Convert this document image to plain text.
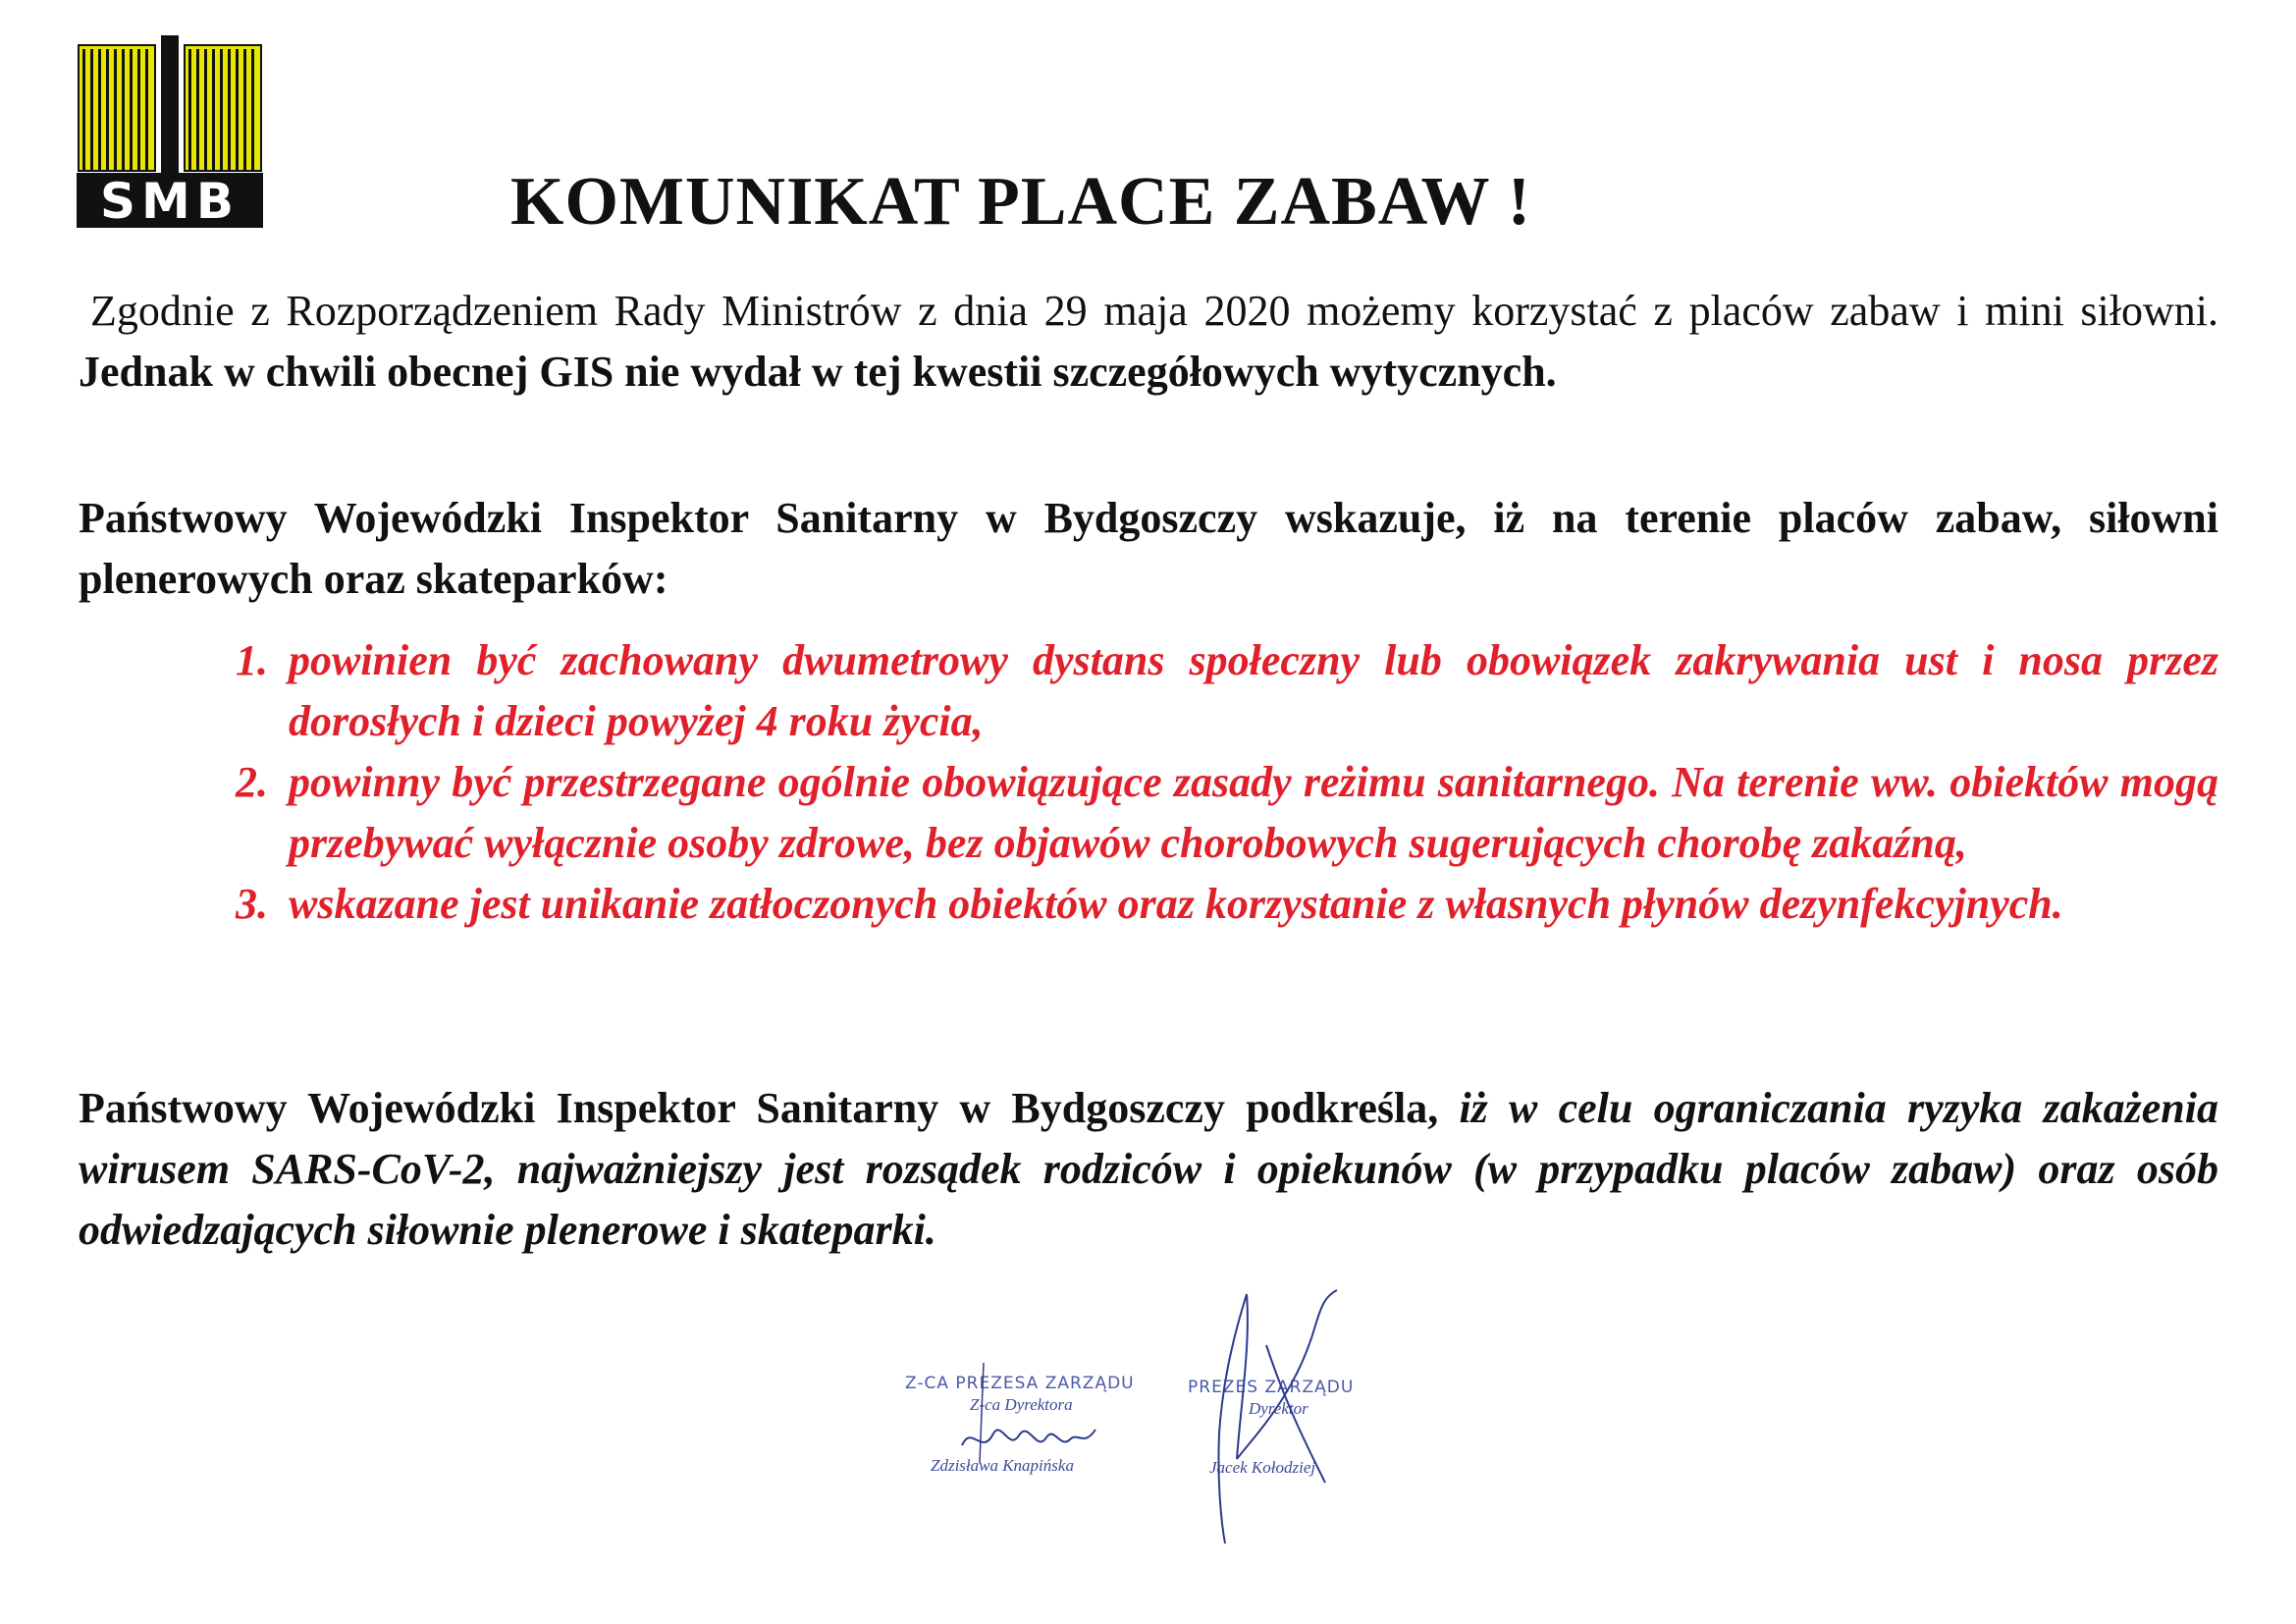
SMB	KOMUNIKAT PLACE ZABAW !
Zgodnie z Rozporządzeniem Rady Ministrów z dnia 29 maja 2020 możemy korzystać z placów zabaw i mini siłowni. Jednak w chwili obecnej GIS nie wydał w tej kwestii szczegółowych wytycznych.
Państwowy Wojewódzki Inspektor Sanitarny w Bydgoszczy wskazuje, iż na terenie placów zabaw, siłowni plenerowych oraz skateparków:
1. powinien być zachowany dwumetrowy dystans społeczny lub obowiązek zakrywania ust i nosa przez dorosłych i dzieci powyżej 4 roku życia,
2. powinny być przestrzegane ogólnie obowiązujące zasady reżimu sanitarnego. Na terenie ww. obiektów mogą przebywać wyłącznie osoby zdrowe, bez objawów chorobowych sugerujących chorobę zakaźną,
3. wskazane jest unikanie zatłoczonych obiektów oraz korzystanie z własnych płynów dezynfekcyjnych.
Państwowy Wojewódzki Inspektor Sanitarny w Bydgoszczy podkreśla, iż w celu ograniczania ryzyka zakażenia wirusem SARS-CoV-2, najważniejszy jest rozsądek rodziców i opiekunów (w przypadku placów zabaw) oraz osób odwiedzających siłownie plenerowe i skateparki.
Z-CA PREZESA ZARZĄDU
Z-ca Dyrektora
Zdzisława Knapińska
PREZES ZARZĄDU
Dyrektor
Jacek Kołodziej
